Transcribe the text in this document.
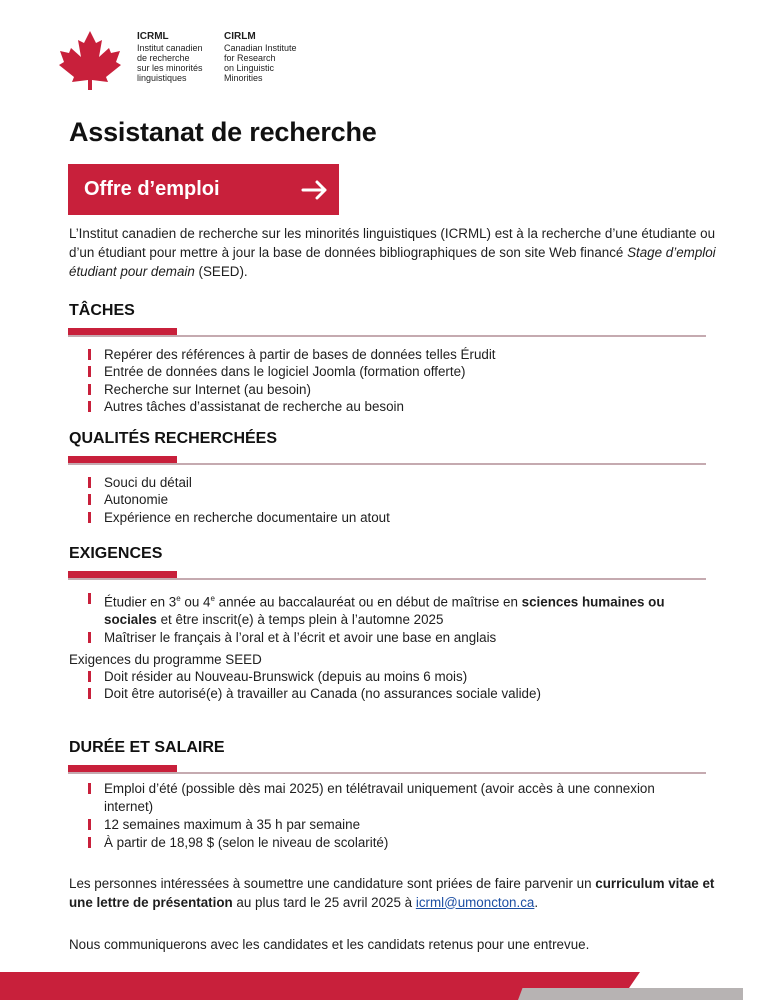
ICRML
Institut canadien
de recherche
sur les minorités
linguistiques
CIRLM
Canadian Institute
for Research
on Linguistic
Minorities
Assistanat de recherche
Offre d’emploi

L’Institut canadien de recherche sur les minorités linguistiques (ICRML) est à la recherche d’une étudiante ou d’un étudiant pour mettre à jour la base de données bibliographiques de son site Web financé Stage d’emploi étudiant pour demain (SEED).

TÂCHES
Repérer des références à partir de bases de données telles Érudit
Entrée de données dans le logiciel Joomla (formation offerte)
Recherche sur Internet (au besoin)
Autres tâches d’assistanat de recherche au besoin
QUALITÉS RECHERCHÉES
Souci du détail
Autonomie
Expérience en recherche documentaire un atout
EXIGENCES
Étudier en 3e ou 4e année au baccalauréat ou en début de maîtrise en sciences humaines ou sociales et être inscrit(e) à temps plein à l’automne 2025
Maîtriser le français à l’oral et à l’écrit et avoir une base en anglais

Exigences du programme SEED

Doit résider au Nouveau-Brunswick (depuis au moins 6 mois)
Doit être autorisé(e) à travailler au Canada (no assurances sociale valide)
DURÉE ET SALAIRE
Emploi d’été (possible dès mai 2025) en télétravail uniquement (avoir accès à une connexion internet)
12 semaines maximum à 35 h par semaine
À partir de 18,98 $ (selon le niveau de scolarité)

Les personnes intéressées à soumettre une candidature sont priées de faire parvenir un curriculum vitae et une lettre de présentation au plus tard le 25 avril 2025 à icrml@umoncton.ca.

Nous communiquerons avec les candidates et les candidats retenus pour une entrevue.
